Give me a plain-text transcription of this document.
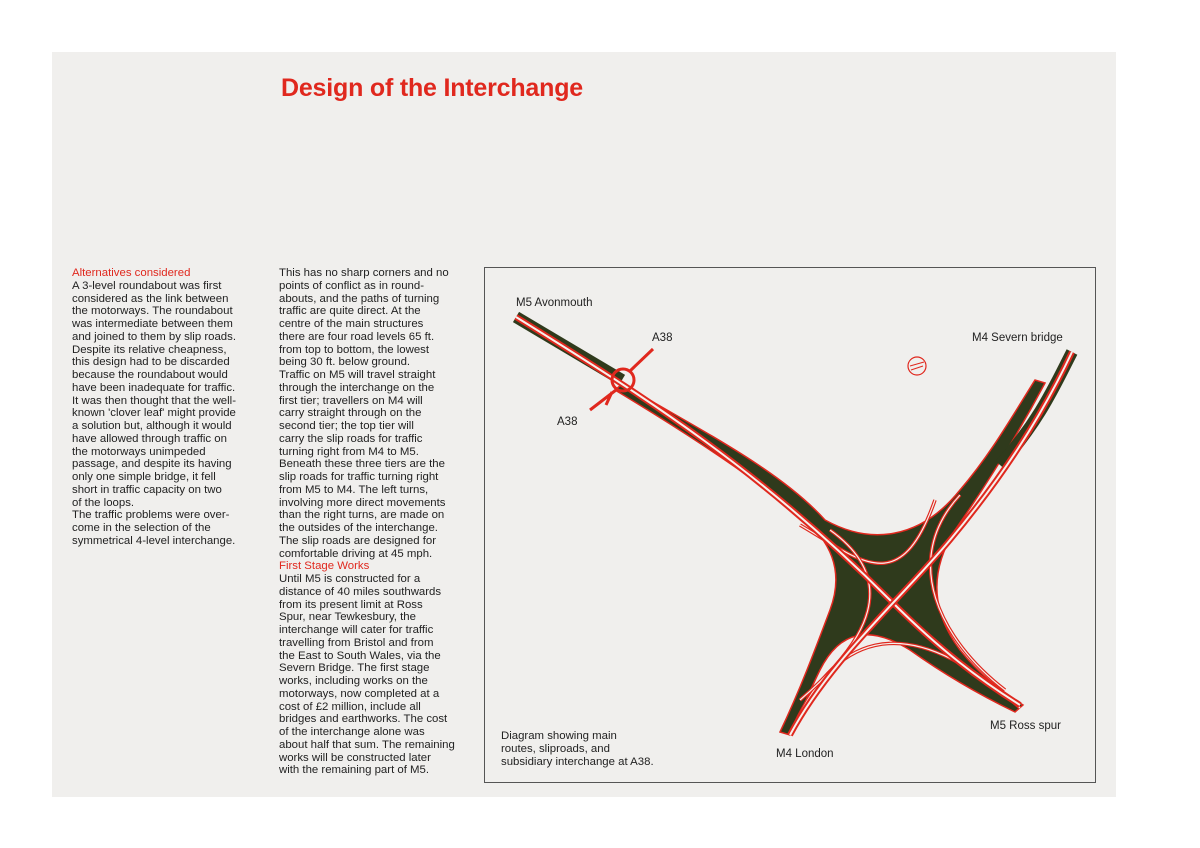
Design of the Interchange
Alternatives considered
A 3-level roundabout was first
considered as the link between
the motorways. The roundabout
was intermediate between them
and joined to them by slip roads.
Despite its relative cheapness,
this design had to be discarded
because the roundabout would
have been inadequate for traffic.
It was then thought that the well-
known 'clover leaf' might provide
a solution but, although it would
have allowed through traffic on
the motorways unimpeded
passage, and despite its having
only one simple bridge, it fell
short in traffic capacity on two
of the loops.
The traffic problems were over-
come in the selection of the
symmetrical 4-level interchange.
This has no sharp corners and no
points of conflict as in round-
abouts, and the paths of turning
traffic are quite direct. At the
centre of the main structures
there are four road levels 65 ft.
from top to bottom, the lowest
being 30 ft. below ground.
Traffic on M5 will travel straight
through the interchange on the
first tier; travellers on M4 will
carry straight through on the
second tier; the top tier will
carry the slip roads for traffic
turning right from M4 to M5.
Beneath these three tiers are the
slip roads for traffic turning right
from M5 to M4. The left turns,
involving more direct movements
than the right turns, are made on
the outsides of the interchange.
The slip roads are designed for
comfortable driving at 45 mph.
First Stage Works
Until M5 is constructed for a
distance of 40 miles southwards
from its present limit at Ross
Spur, near Tewkesbury, the
interchange will cater for traffic
travelling from Bristol and from
the East to South Wales, via the
Severn Bridge. The first stage
works, including works on the
motorways, now completed at a
cost of £2 million, include all
bridges and earthworks. The cost
of the interchange alone was
about half that sum. The remaining
works will be constructed later
with the remaining part of M5.
M5 Avonmouth
A38
A38
M4 Severn bridge
M4 London
M5 Ross spur
Diagram showing main
routes, sliproads, and
subsidiary interchange at A38.
